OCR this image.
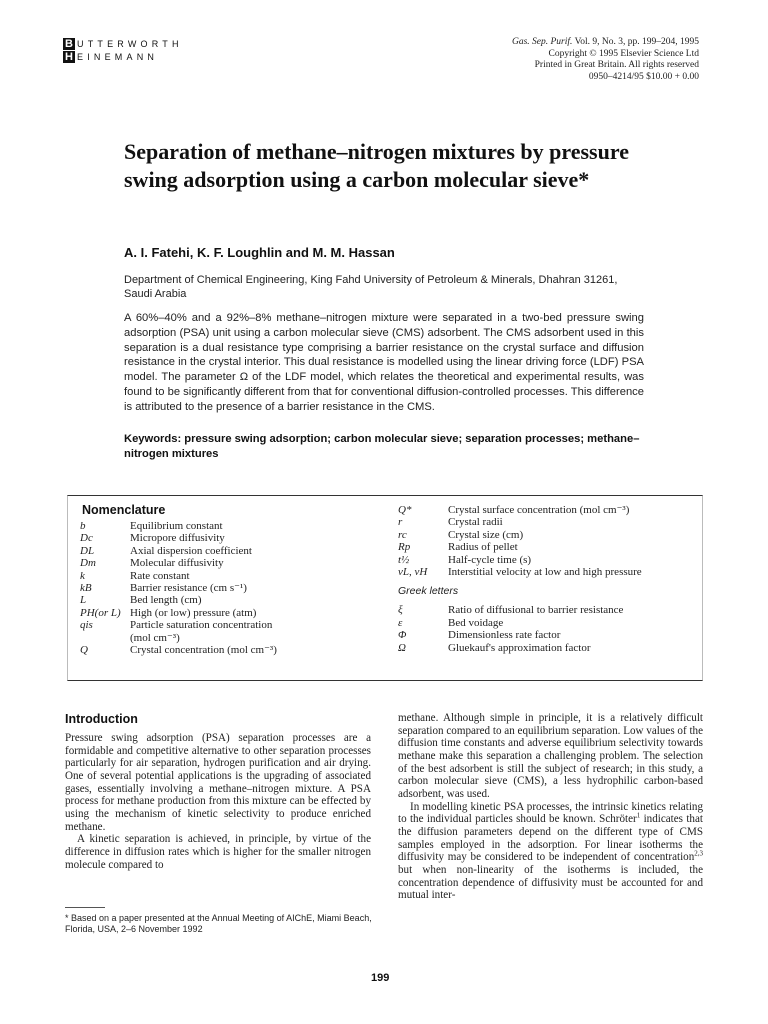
B
H
UTTERWORTH
EINEMANN
Gas. Sep. Purif. Vol. 9, No. 3, pp. 199–204, 1995
Copyright © 1995 Elsevier Science Ltd
Printed in Great Britain. All rights reserved
0950–4214/95 $10.00 + 0.00
Separation of methane–nitrogen mixtures by pressure swing adsorption using a carbon molecular sieve*
A. I. Fatehi, K. F. Loughlin and M. M. Hassan
Department of Chemical Engineering, King Fahd University of Petroleum & Minerals, Dhahran 31261, Saudi Arabia
A 60%–40% and a 92%–8% methane–nitrogen mixture were separated in a two-bed pressure swing adsorption (PSA) unit using a carbon molecular sieve (CMS) adsorbent. The CMS adsorbent used in this separation is a dual resistance type comprising a barrier resistance on the crystal surface and diffusion resistance in the crystal interior. This dual resistance is modelled using the linear driving force (LDF) PSA model. The parameter Ω of the LDF model, which relates the theoretical and experimental results, was found to be significantly different from that for conventional diffusion-controlled processes. This difference is attributed to the presence of a barrier resistance in the CMS.
Keywords: pressure swing adsorption; carbon molecular sieve; separation processes; methane–nitrogen mixtures
Nomenclature
b	Equilibrium constant
Dc	Micropore diffusivity
DL	Axial dispersion coefficient
Dm	Molecular diffusivity
k	Rate constant
kB	Barrier resistance (cm s⁻¹)
L	Bed length (cm)
PH(or L) High (or low) pressure (atm)
qis	Particle saturation concentration
(mol cm⁻³)
Q	Crystal concentration (mol cm⁻³)
Q*	Crystal surface concentration (mol cm⁻³)
r	Crystal radii
rc	Crystal size (cm)
Rp	Radius of pellet
t½	Half-cycle time (s)
vL, vH	Interstitial velocity at low and high pressure
Greek letters
ξ	Ratio of diffusional to barrier resistance
ε	Bed voidage
Φ	Dimensionless rate factor
Ω	Gluekauf's approximation factor
Introduction

Pressure swing adsorption (PSA) separation processes are a formidable and competitive alternative to other separation processes particularly for air separation, hydrogen purification and air drying. One of several potential applications is the upgrading of associated gases, essentially involving a methane–nitrogen mixture. A PSA process for methane production from this mixture can be effected by using the mechanism of kinetic selectivity to produce enriched methane.

A kinetic separation is achieved, in principle, by virtue of the difference in diffusion rates which is higher for the smaller nitrogen molecule compared to

methane. Although simple in principle, it is a relatively difficult separation compared to an equilibrium separation. Low values of the diffusion time constants and adverse equilibrium selectivity towards methane make this separation a challenging problem. The selection of the best adsorbent is still the subject of research; in this study, a carbon molecular sieve (CMS), a less hydrophilic carbon-based adsorbent, was used.

In modelling kinetic PSA processes, the intrinsic kinetics relating to the individual particles should be known. Schröter$^1$ indicates that the diffusion parameters depend on the different type of CMS samples employed in the adsorption. For linear isotherms the diffusivity may be considered to be independent of concentration$^{2,3}$ but when non-linearity of the isotherms is included, the concentration dependence of diffusivity must be accounted for and mutual inter-

* Based on a paper presented at the Annual Meeting of AIChE, Miami Beach, Florida, USA, 2–6 November 1992
199
